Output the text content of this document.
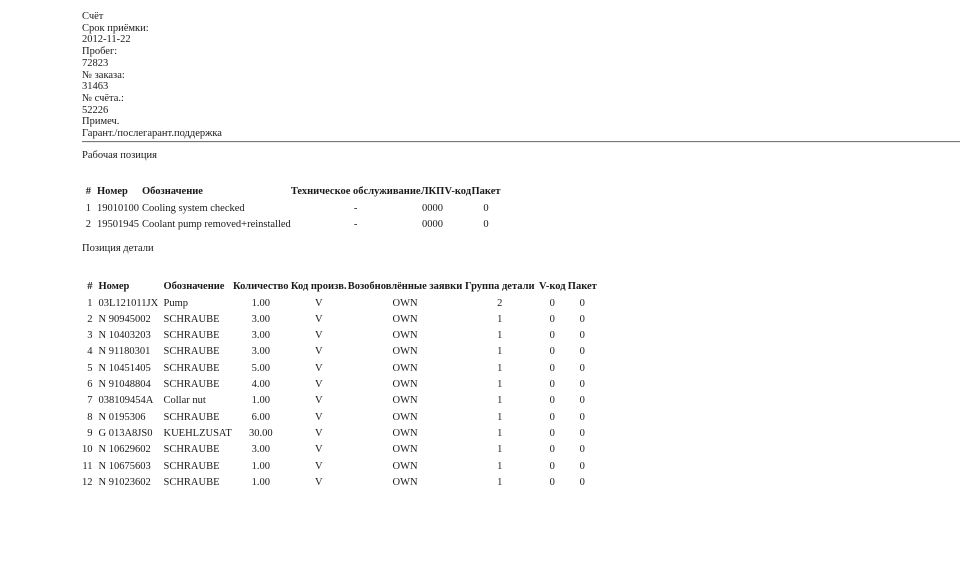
Счёт
Срок приёмки:
2012-11-22
Пробег:
72823
№ заказа:
31463
№ счёта.:
52226
Примеч.
Гарант./послегарант.поддержка
Рабочая позиция
#	Номер	Обозначение	Техническое обслуживание	ЛКП	V-код	Пакет
1	19010100	Cooling system checked	-	0000		0
2	19501945	Coolant pump removed+reinstalled	-	0000		0
Позиция детали
#	Номер	Обозначение	Количество	Код произв.	Возобновлённые заявки	Группа детали	V-код	Пакет
1	03L121011JX	Pump	1.00	V	OWN	2	0	0
2	N 90945002	SCHRAUBE	3.00	V	OWN	1	0	0
3	N 10403203	SCHRAUBE	3.00	V	OWN	1	0	0
4	N 91180301	SCHRAUBE	3.00	V	OWN	1	0	0
5	N 10451405	SCHRAUBE	5.00	V	OWN	1	0	0
6	N 91048804	SCHRAUBE	4.00	V	OWN	1	0	0
7	038109454A	Collar nut	1.00	V	OWN	1	0	0
8	N 0195306	SCHRAUBE	6.00	V	OWN	1	0	0
9	G 013A8JS0	KUEHLZUSAT	30.00	V	OWN	1	0	0
10	N 10629602	SCHRAUBE	3.00	V	OWN	1	0	0
11	N 10675603	SCHRAUBE	1.00	V	OWN	1	0	0
12	N 91023602	SCHRAUBE	1.00	V	OWN	1	0	0
